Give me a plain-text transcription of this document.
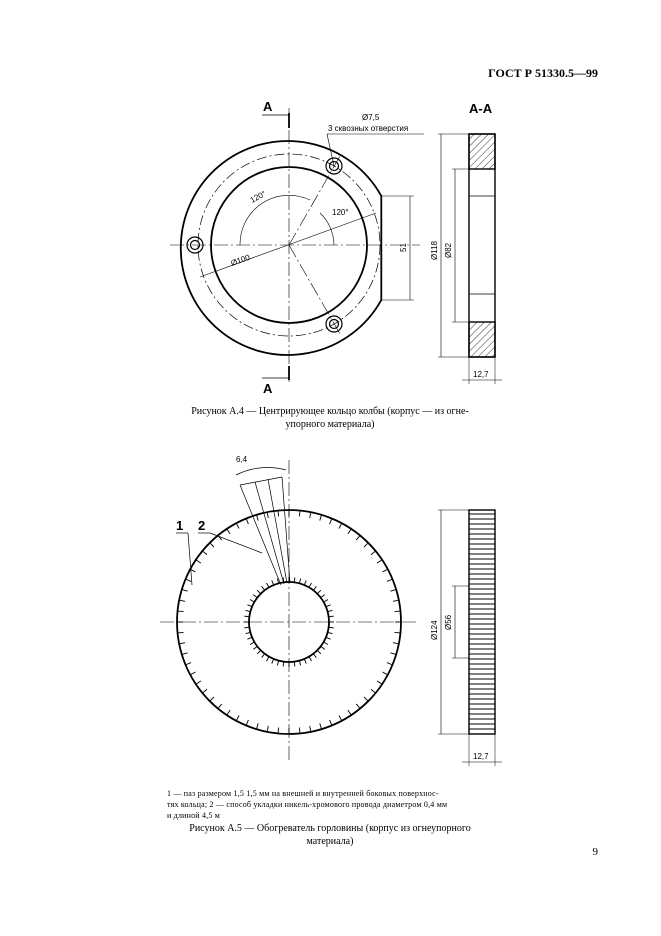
ГОСТ Р 51330.5—99
A
A
A-A
Ø7,5
3 сквозных отверстия
120°
120°
Ø100
51	Ø118 Ø82
12,7
6,4
1 2
Ø124 Ø56
12,7
Рисунок А.4 — Центрирующее кольцо колбы (корпус — из огне-
упорного материала)
1 — паз размером 1,5 1,5 мм на внешней и внутренней боковых поверхнос-
тях кольца; 2 — способ укладки никель-хромового провода диаметром 0,4 мм
и длиной 4,5 м
Рисунок А.5 — Обогреватель горловины (корпус из огнеупорного
материала)
9
